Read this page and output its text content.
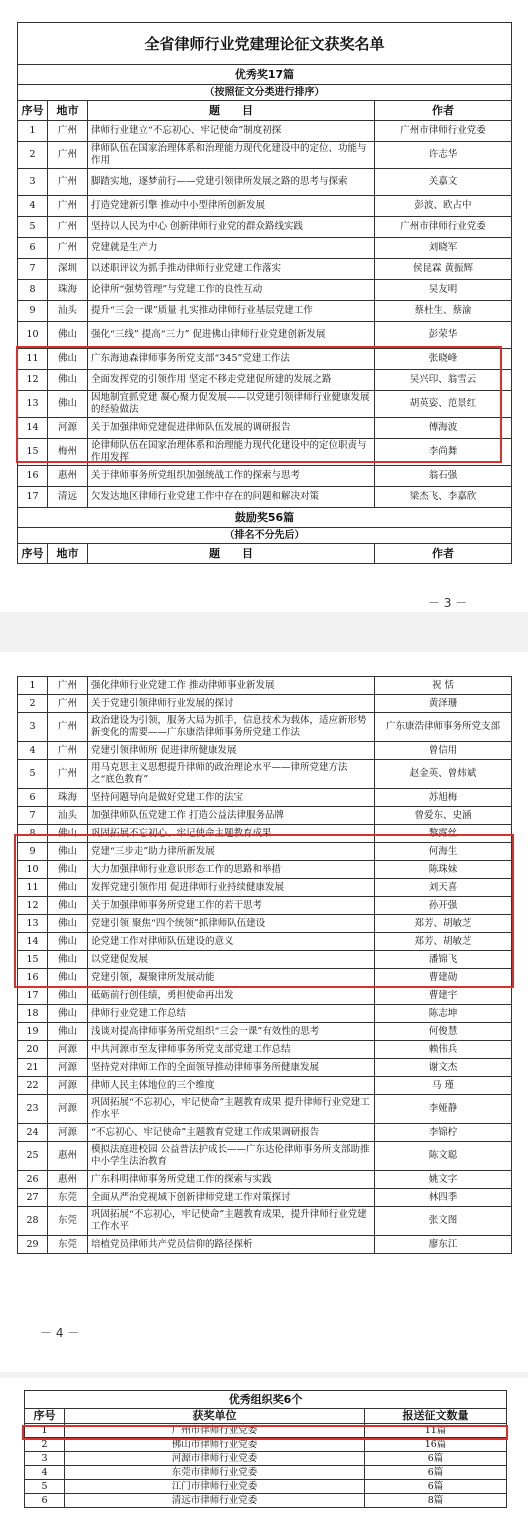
全省律师行业党建理论征文获奖名单			
优秀奖17篇			
（按照征文分类进行排序）			
序号	地市	题　　目	作者
1	广州	律师行业建立“不忘初心、牢记使命”制度初探	广州市律师行业党委
2	广州	律师队伍在国家治理体系和治理能力现代化建设中的定位、功能与作用	许志华
3	广州	脚踏实地，逐梦前行——党建引领律所发展之路的思考与探索	关嘉文
4	广州	打造党建新引擎 推动中小型律所创新发展	彭波、欧占中
5	广州	坚持以人民为中心 创新律师行业党的群众路线实践	广州市律师行业党委
6	广州	党建就是生产力	刘晓军
7	深圳	以述职评议为抓手推动律师行业党建工作落实	侯昆霖 黄振辉
8	珠海	论律所“强势管理”与党建工作的良性互动	吴友明
9	汕头	提升“三会一课”质量 扎实推动律师行业基层党建工作	蔡杜生、蔡渝
10	佛山	强化“三线” 提高“三力” 促进佛山律师行业党建创新发展	彭荣华
11	佛山	广东海迪森律师事务所党支部“345”党建工作法	张晓峰
12	佛山	全面发挥党的引领作用 坚定不移走党建促所建的发展之路	吴兴印、翁雪云
13	佛山	因地制宜抓党建 凝心聚力促发展——以党建引领律师行业健康发展的经验做法	胡英姿、范景红
14	河源	关于加强律师党建促进律师队伍发展的调研报告	傅海波
15	梅州	论律师队伍在国家治理体系和治理能力现代化建设中的定位职责与作用发挥	李尚舞
16	惠州	关于律师事务所党组织加强统战工作的探索与思考	翁石强
17	清远	欠发达地区律师行业党建工作中存在的问题和解决对策	梁杰飞、李嘉欣
鼓励奖56篇			
（排名不分先后）			
序号	地市	题　　目	作者
－ 3 －
1	广州	强化律师行业党建工作 推动律师事业新发展	祝 恬
2	广州	关于党建引领律师行业发展的探讨	黄泽珊
3	广州	政治建设为引领，服务大局为抓手，信息技术为载体，适应新形势新变化的需要——广东康浩律师事务所党建工作法	广东康浩律师事务所党支部
4	广州	党建引领律师所 促进律所健康发展	曾信用
5	广州	用马克思主义思想提升律师的政治理论水平——律所党建方法之“底色教育”	赵金英、曾炜斌
6	珠海	坚持问题导向是做好党建工作的法宝	苏旭梅
7	汕头	加强律师队伍党建工作 打造公益法律服务品牌	曾爱东、史涵
8	佛山	巩固拓展不忘初心、牢记使命主题教育成果	黎露丝
9	佛山	党建“三步走”助力律所新发展	何海生
10	佛山	大力加强律师行业意识形态工作的思路和举措	陈珠妹
11	佛山	发挥党建引领作用 促进律师行业持续健康发展	刘天喜
12	佛山	关于加强律师事务所党建工作的若干思考	孙开强
13	佛山	党建引领 聚焦“四个统领”抓律师队伍建设	郑芳、胡敏芝
14	佛山	论党建工作对律师队伍建设的意义	郑芳、胡敏芝
15	佛山	以党建促发展	潘锦飞
16	佛山	党建引领，凝聚律所发展动能	曹建勋
17	佛山	砥砺前行创佳绩，勇担使命再出发	曹建宇
18	佛山	律师行业党建工作总结	陈志坤
19	佛山	浅谈对提高律师事务所党组织“三会一课”有效性的思考	何俊慧
20	河源	中共河源市至友律师事务所党支部党建工作总结	赖伟兵
21	河源	坚持党对律师工作的全面领导推动律师事务所健康发展	谢文杰
22	河源	律师人民主体地位的三个维度	马 瑾
23	河源	巩固拓展“不忘初心，牢记使命”主题教育成果 提升律师行业党建工作水平	李娅静
24	河源	“不忘初心、牢记使命”主题教育党建工作成果调研报告	李锦柠
25	惠州	模拟法庭进校园 公益普法护成长——广东达伦律师事务所支部助推中小学生法治教育	陈文聪
26	惠州	广东科明律师事务所党建工作的探索与实践	姚文字
27	东莞	全面从严治党视域下创新律师党建工作对策探讨	林四季
28	东莞	巩固拓展“不忘初心，牢记使命”主题教育成果，提升律师行业党建工作水平	张文图
29	东莞	培植党员律师共产党员信仰的路径探析	廖东江
－ 4 －
优秀组织奖6个		
序号	获奖单位	报送征文数量
1	广州市律师行业党委	11篇
2	佛山市律师行业党委	16篇
3	河源市律师行业党委	6篇
4	东莞市律师行业党委	6篇
5	江门市律师行业党委	6篇
6	清远市律师行业党委	8篇
